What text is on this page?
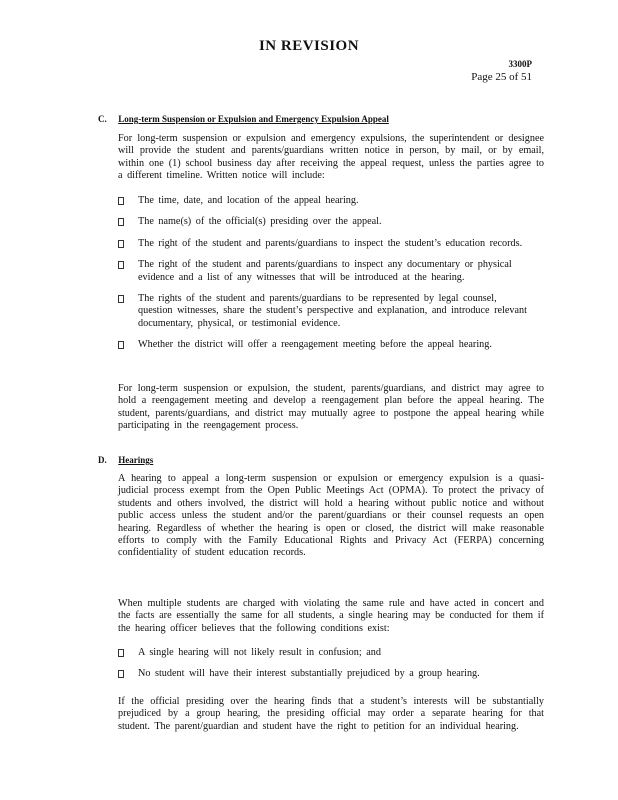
IN REVISION
3300P
Page 25 of 51
C. Long-term Suspension or Expulsion and Emergency Expulsion Appeal
For long-term suspension or expulsion and emergency expulsions, the superintendent or designee will provide the student and parents/guardians written notice in person, by mail, or by email, within one (1) school business day after receiving the appeal request, unless the parties agree to a different timeline. Written notice will include:
The time, date, and location of the appeal hearing.
The name(s) of the official(s) presiding over the appeal.
The right of the student and parents/guardians to inspect the student’s education records.
The right of the student and parents/guardians to inspect any documentary or physical evidence and a list of any witnesses that will be introduced at the hearing.
The rights of the student and parents/guardians to be represented by legal counsel, question witnesses, share the student’s perspective and explanation, and introduce relevant documentary, physical, or testimonial evidence.
Whether the district will offer a reengagement meeting before the appeal hearing.
For long-term suspension or expulsion, the student, parents/guardians, and district may agree to hold a reengagement meeting and develop a reengagement plan before the appeal hearing. The student, parents/guardians, and district may mutually agree to postpone the appeal hearing while participating in the reengagement process.
D. Hearings
A hearing to appeal a long-term suspension or expulsion or emergency expulsion is a quasi-judicial process exempt from the Open Public Meetings Act (OPMA). To protect the privacy of students and others involved, the district will hold a hearing without public notice and without public access unless the student and/or the parent/guardians or their counsel requests an open hearing. Regardless of whether the hearing is open or closed, the district will make reasonable efforts to comply with the Family Educational Rights and Privacy Act (FERPA) concerning confidentiality of student education records.
When multiple students are charged with violating the same rule and have acted in concert and the facts are essentially the same for all students, a single hearing may be conducted for them if the hearing officer believes that the following conditions exist:
A single hearing will not likely result in confusion; and
No student will have their interest substantially prejudiced by a group hearing.
If the official presiding over the hearing finds that a student’s interests will be substantially prejudiced by a group hearing, the presiding official may order a separate hearing for that student. The parent/guardian and student have the right to petition for an individual hearing.
